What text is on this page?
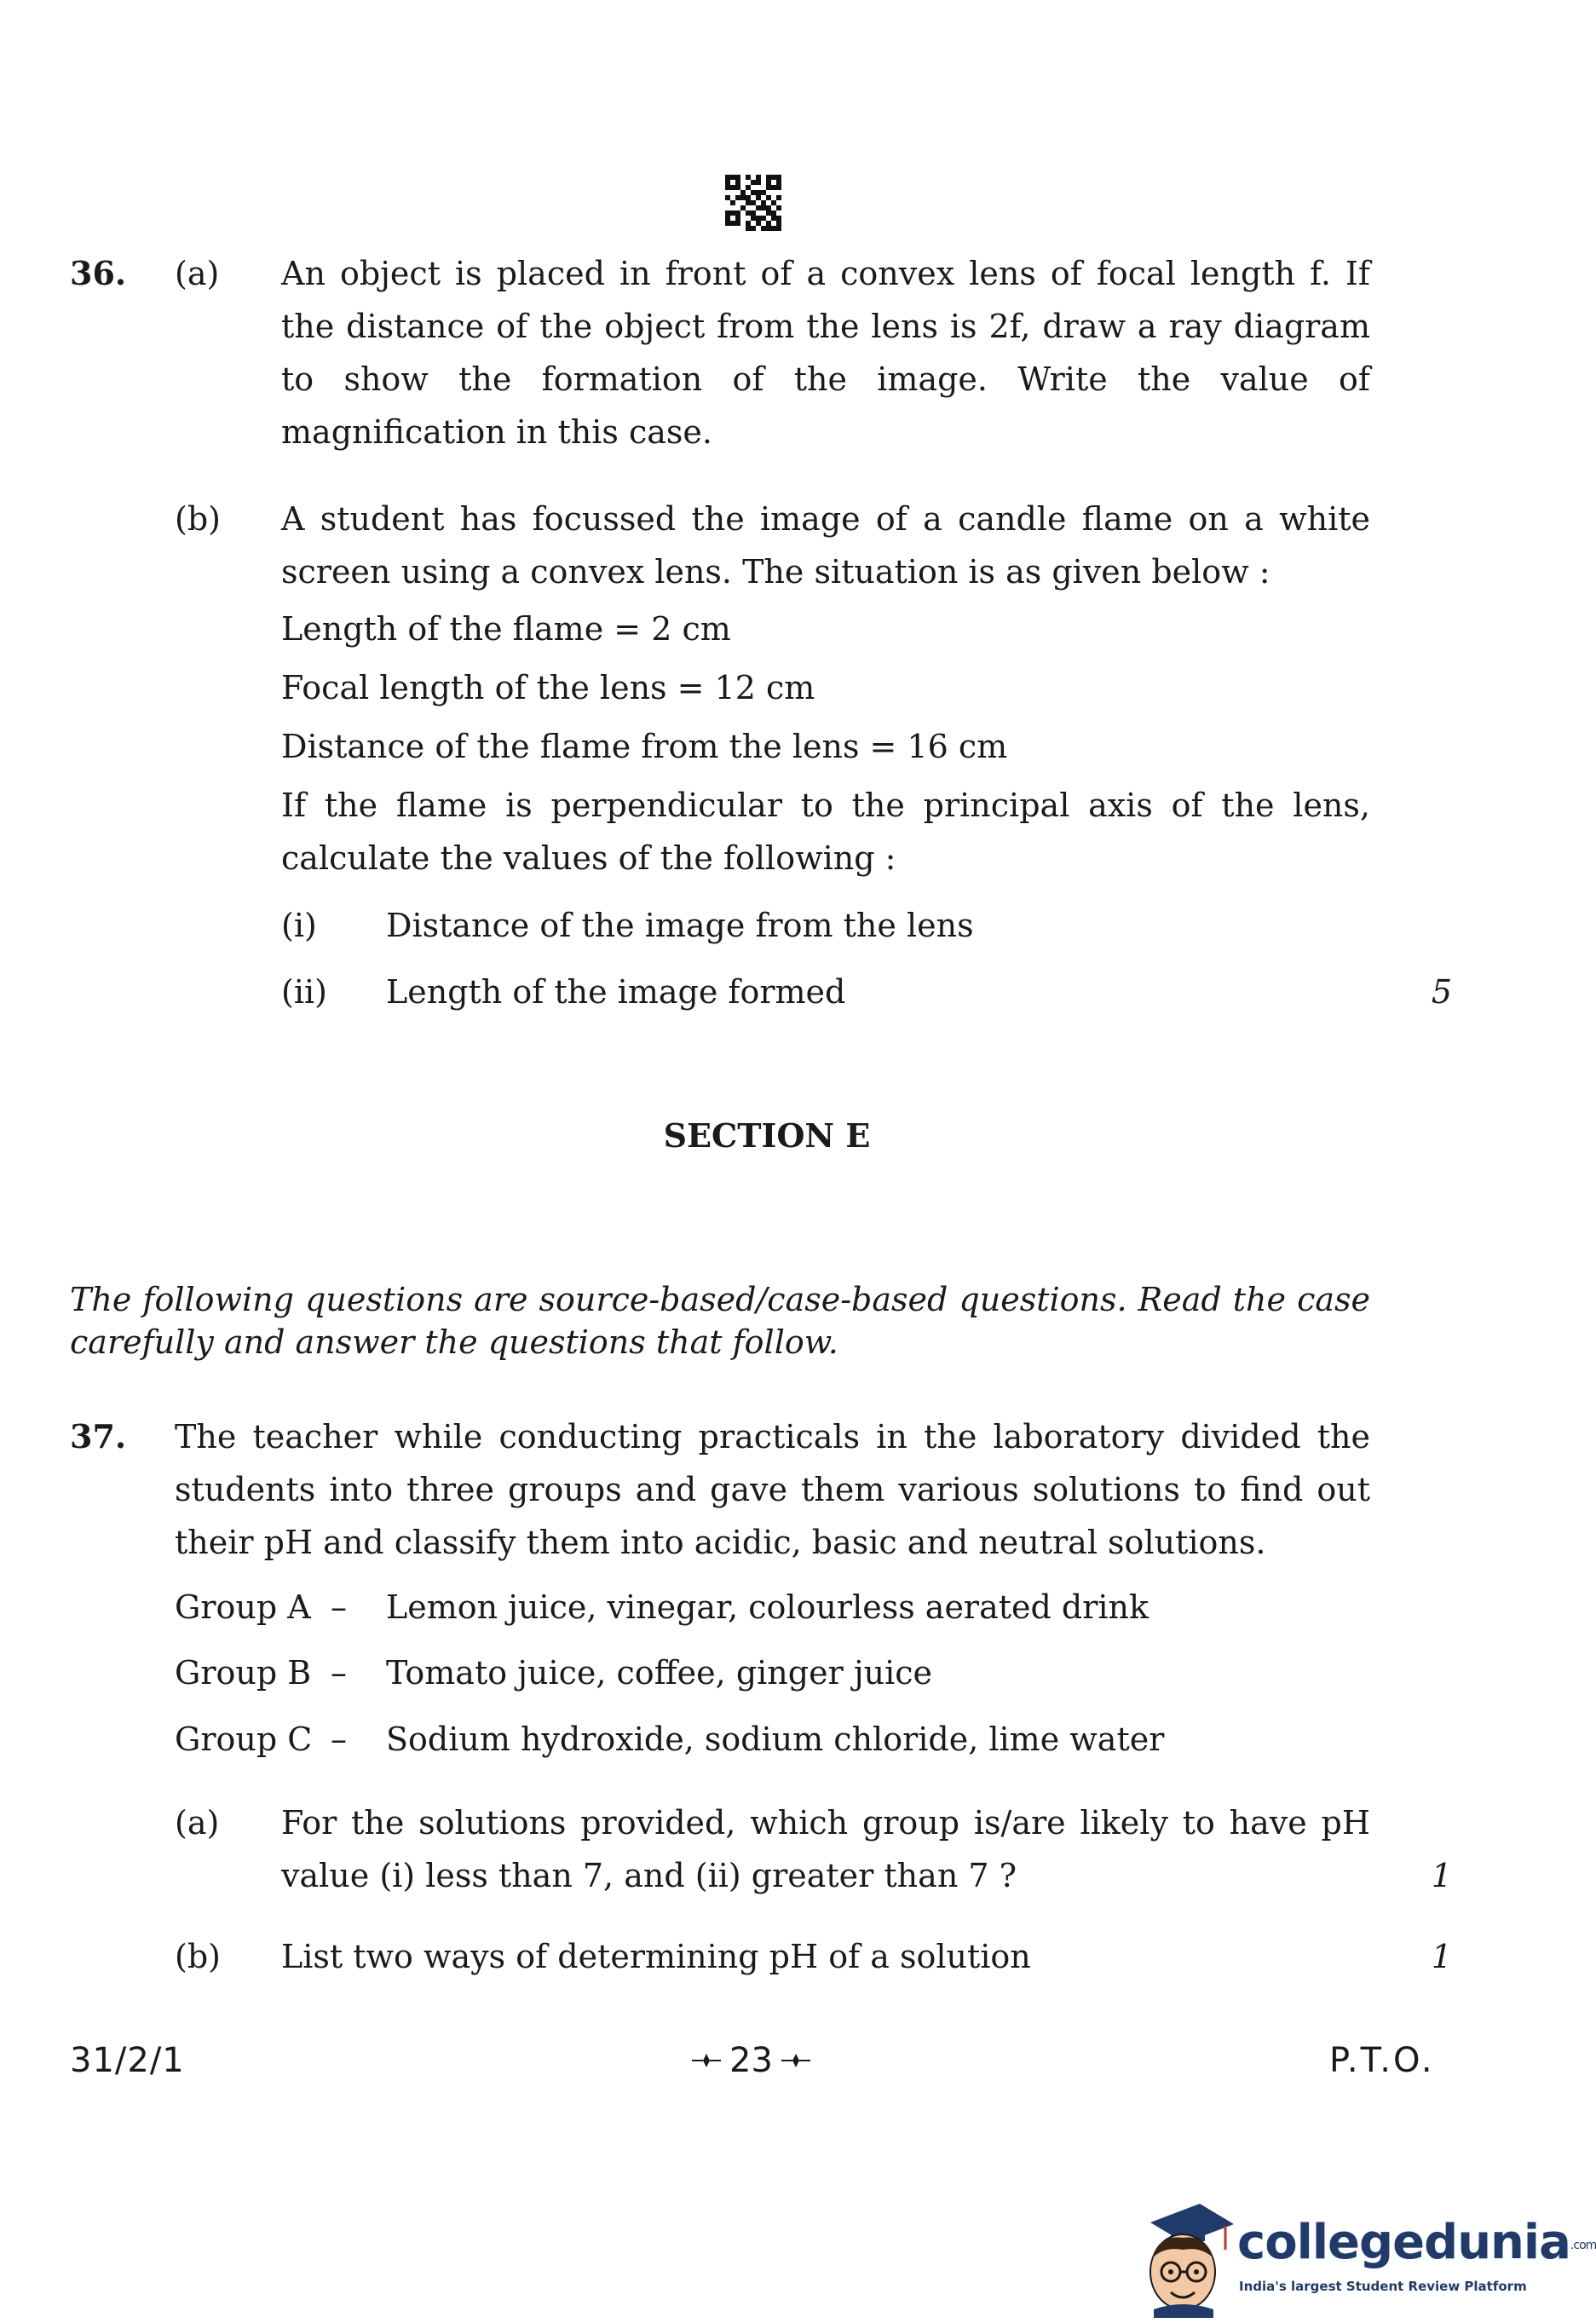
36. (a) An object is placed in front of a convex lens of focal length f. If the distance of the object from the lens is 2f, draw a ray diagram to show the formation of the image. Write the value of magnification in this case.
(b) A student has focussed the image of a candle flame on a white screen using a convex lens. The situation is as given below :
Length of the flame = 2 cm
Focal length of the lens = 12 cm
Distance of the flame from the lens = 16 cm
If the flame is perpendicular to the principal axis of the lens, calculate the values of the following :
(i) Distance of the image from the lens
(ii) Length of the image formed	5
SECTION E
The following questions are source-based/case-based questions. Read the case carefully and answer the questions that follow.
37. The teacher while conducting practicals in the laboratory divided the students into three groups and gave them various solutions to find out their pH and classify them into acidic, basic and neutral solutions.
Group A – Lemon juice, vinegar, colourless aerated drink
Group B – Tomato juice, coffee, ginger juice
Group C – Sodium hydroxide, sodium chloride, lime water
(a) For the solutions provided, which group is/are likely to have pH value (i) less than 7, and (ii) greater than 7 ?	1
(b) List two ways of determining pH of a solution	1
31/2/1	23	P.T.O.
collegedunia.com
India's largest Student Review Platform
